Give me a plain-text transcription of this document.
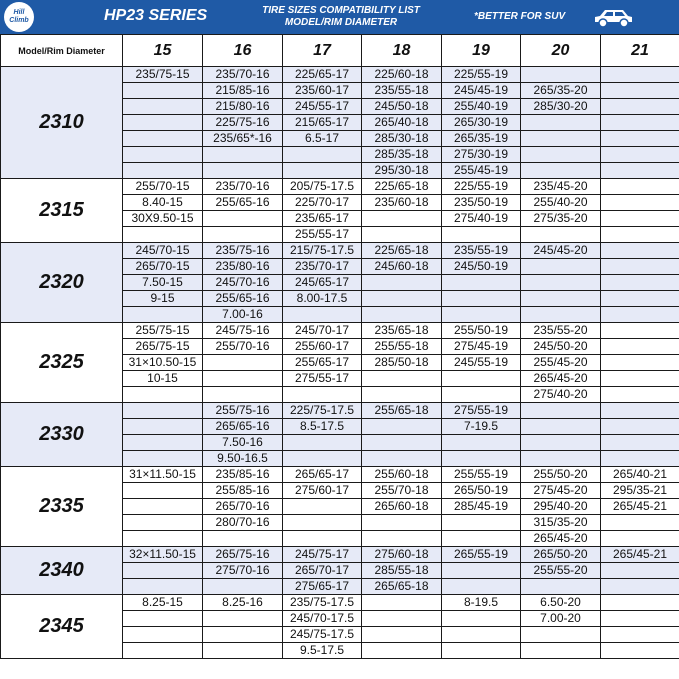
Hill Climb	HP23 SERIES	TIRE SIZES COMPATIBILITY LIST
MODEL/RIM DIAMETER
*BETTER FOR SUV
Model/Rim Diameter	15	16	17	18	19	20	21
2310	235/75-15	235/70-16	225/65-17	225/60-18	225/55-19		
		215/85-16	235/60-17	235/55-18	245/45-19	265/35-20	
		215/80-16	245/55-17	245/50-18	255/40-19	285/30-20	
		225/75-16	215/65-17	265/40-18	265/30-19		
		235/65*-16	6.5-17	285/30-18	265/35-19		
				285/35-18	275/30-19		
				295/30-18	255/45-19		
2315	255/70-15	235/70-16	205/75-17.5	225/65-18	225/55-19	235/45-20	
	8.40-15	255/65-16	225/70-17	235/60-18	235/50-19	255/40-20	
	30X9.50-15		235/65-17		275/40-19	275/35-20	
			255/55-17				
2320	245/70-15	235/75-16	215/75-17.5	225/65-18	235/55-19	245/45-20	
	265/70-15	235/80-16	235/70-17	245/60-18	245/50-19		
	7.50-15	245/70-16	245/65-17				
	9-15	255/65-16	8.00-17.5				
		7.00-16					
2325	255/75-15	245/75-16	245/70-17	235/65-18	255/50-19	235/55-20	
	265/75-15	255/70-16	255/60-17	255/55-18	275/45-19	245/50-20	
	31×10.50-15		255/65-17	285/50-18	245/55-19	255/45-20	
	10-15		275/55-17			265/45-20	
						275/40-20	
2330		255/75-16	225/75-17.5	255/65-18	275/55-19		
		265/65-16	8.5-17.5		7-19.5		
		7.50-16					
		9.50-16.5					
2335	31×11.50-15	235/85-16	265/65-17	255/60-18	255/55-19	255/50-20	265/40-21
		255/85-16	275/60-17	255/70-18	265/50-19	275/45-20	295/35-21
		265/70-16		265/60-18	285/45-19	295/40-20	265/45-21
		280/70-16				315/35-20	
						265/45-20	
2340	32×11.50-15	265/75-16	245/75-17	275/60-18	265/55-19	265/50-20	265/45-21
		275/70-16	265/70-17	285/55-18		255/55-20	
			275/65-17	265/65-18			
2345	8.25-15	8.25-16	235/75-17.5		8-19.5	6.50-20	
			245/70-17.5			7.00-20	
			245/75-17.5				
			9.5-17.5				
